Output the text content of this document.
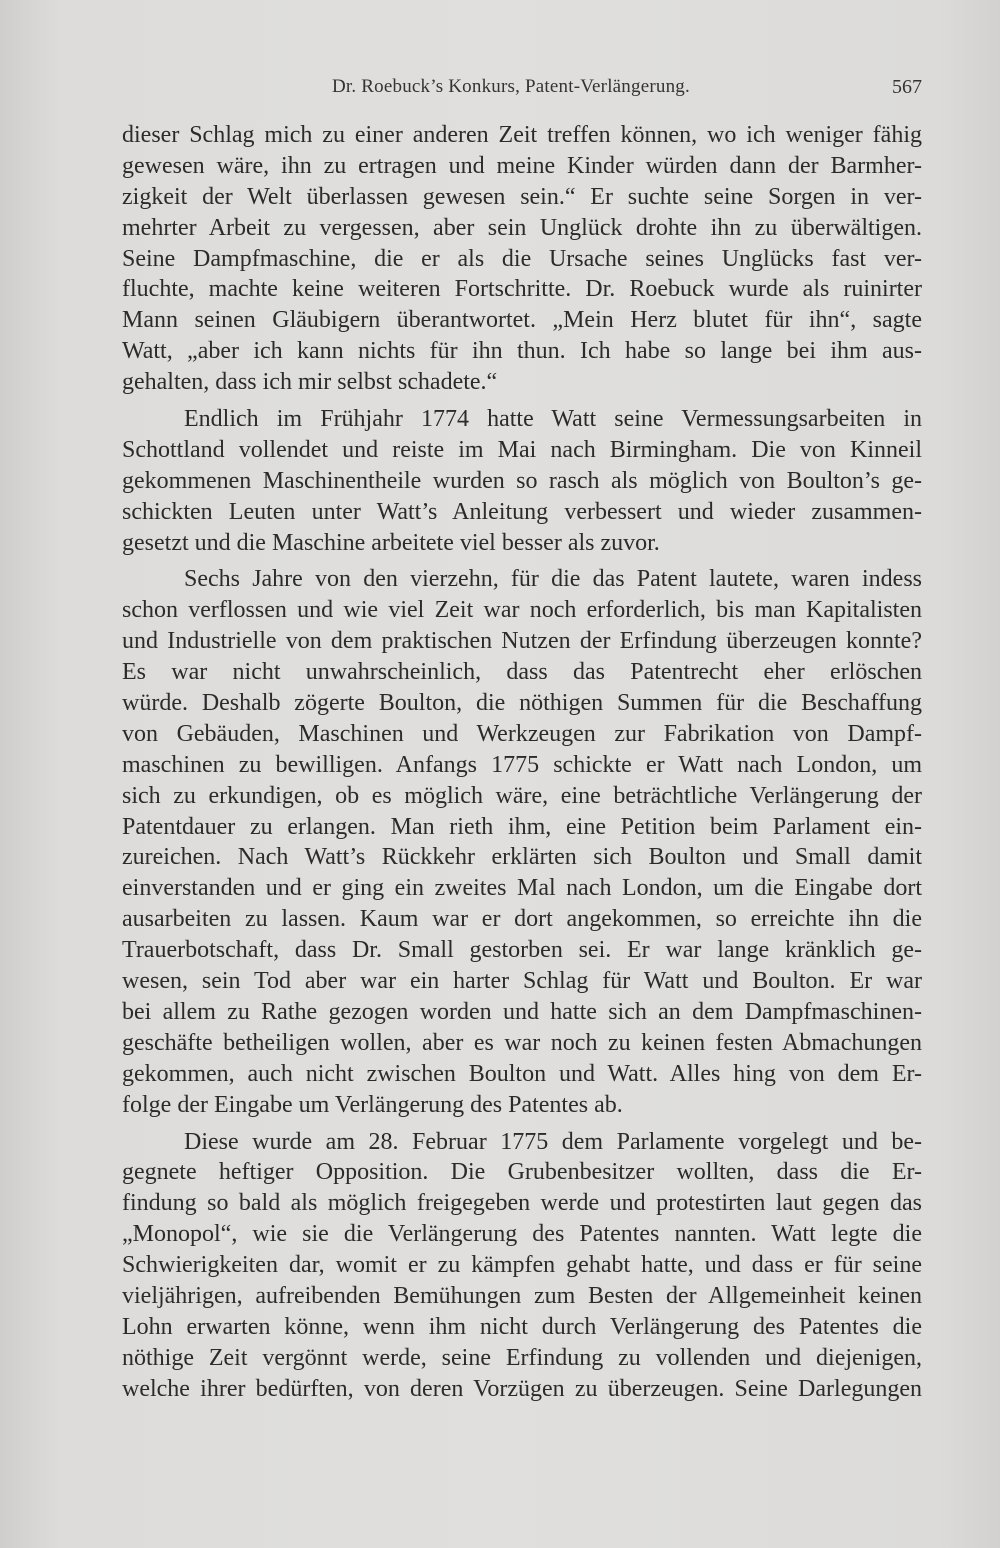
Dr. Roebuck’s Konkurs, Patent-Verlängerung.	567
dieser Schlag mich zu einer anderen Zeit treffen können, wo ich weniger fähig
gewesen wäre, ihn zu ertragen und meine Kinder würden dann der Barmher-
zigkeit der Welt überlassen gewesen sein.“ Er suchte seine Sorgen in ver-
mehrter Arbeit zu vergessen, aber sein Unglück drohte ihn zu überwältigen.
Seine Dampfmaschine, die er als die Ursache seines Unglücks fast ver-
fluchte, machte keine weiteren Fortschritte. Dr. Roebuck wurde als ruinirter
Mann seinen Gläubigern überantwortet. „Mein Herz blutet für ihn“, sagte
Watt, „aber ich kann nichts für ihn thun. Ich habe so lange bei ihm aus-
gehalten, dass ich mir selbst schadete.“
Endlich im Frühjahr 1774 hatte Watt seine Vermessungsarbeiten in
Schottland vollendet und reiste im Mai nach Birmingham. Die von Kinneil
gekommenen Maschinentheile wurden so rasch als möglich von Boulton’s ge-
schickten Leuten unter Watt’s Anleitung verbessert und wieder zusammen-
gesetzt und die Maschine arbeitete viel besser als zuvor.
Sechs Jahre von den vierzehn, für die das Patent lautete, waren indess
schon verflossen und wie viel Zeit war noch erforderlich, bis man Kapitalisten
und Industrielle von dem praktischen Nutzen der Erfindung überzeugen konnte?
Es war nicht unwahrscheinlich, dass das Patentrecht eher erlöschen
würde. Deshalb zögerte Boulton, die nöthigen Summen für die Beschaffung
von Gebäuden, Maschinen und Werkzeugen zur Fabrikation von Dampf-
maschinen zu bewilligen. Anfangs 1775 schickte er Watt nach London, um
sich zu erkundigen, ob es möglich wäre, eine beträchtliche Verlängerung der
Patentdauer zu erlangen. Man rieth ihm, eine Petition beim Parlament ein-
zureichen. Nach Watt’s Rückkehr erklärten sich Boulton und Small damit
einverstanden und er ging ein zweites Mal nach London, um die Eingabe dort
ausarbeiten zu lassen. Kaum war er dort angekommen, so erreichte ihn die
Trauerbotschaft, dass Dr. Small gestorben sei. Er war lange kränklich ge-
wesen, sein Tod aber war ein harter Schlag für Watt und Boulton. Er war
bei allem zu Rathe gezogen worden und hatte sich an dem Dampfmaschinen-
geschäfte betheiligen wollen, aber es war noch zu keinen festen Abmachungen
gekommen, auch nicht zwischen Boulton und Watt. Alles hing von dem Er-
folge der Eingabe um Verlängerung des Patentes ab.
Diese wurde am 28. Februar 1775 dem Parlamente vorgelegt und be-
gegnete heftiger Opposition. Die Grubenbesitzer wollten, dass die Er-
findung so bald als möglich freigegeben werde und protestirten laut gegen das
„Monopol“, wie sie die Verlängerung des Patentes nannten. Watt legte die
Schwierigkeiten dar, womit er zu kämpfen gehabt hatte, und dass er für seine
vieljährigen, aufreibenden Bemühungen zum Besten der Allgemeinheit keinen
Lohn erwarten könne, wenn ihm nicht durch Verlängerung des Patentes die
nöthige Zeit vergönnt werde, seine Erfindung zu vollenden und diejenigen,
welche ihrer bedürften, von deren Vorzügen zu überzeugen. Seine Darlegungen
